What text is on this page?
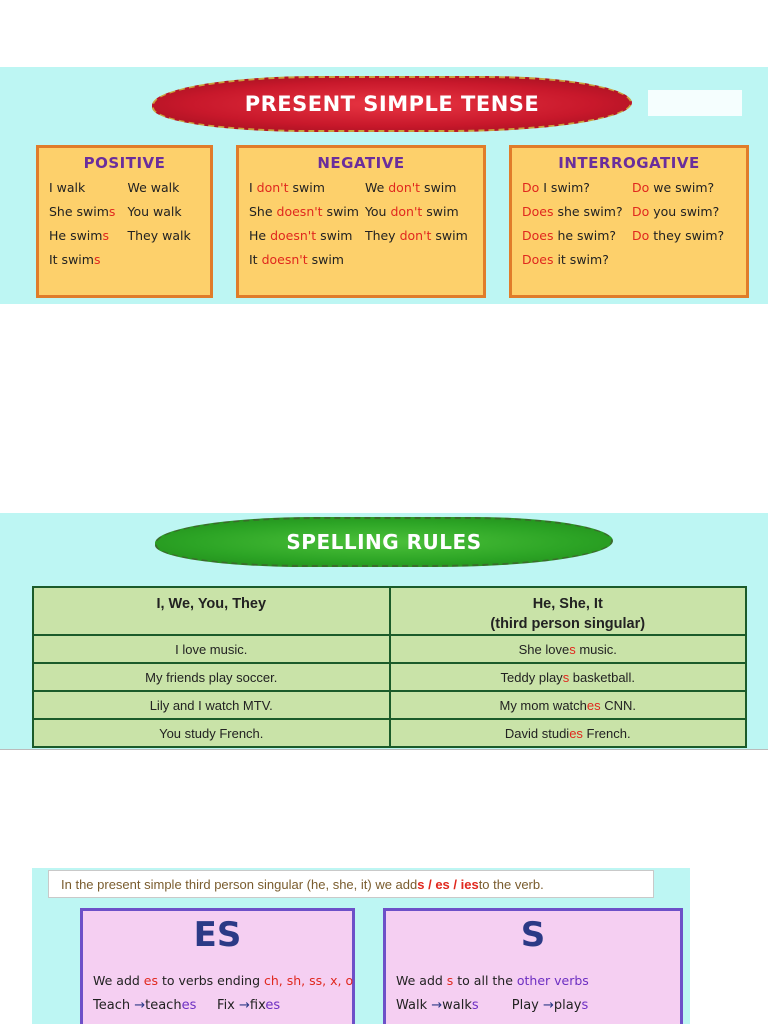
PRESENT SIMPLE TENSE
POSITIVE
I walk	We walk
She swims You walk
He swims	They walk
It swims
NEGATIVE
I don't swim	We don't swim
She doesn't swim You don't swim
He doesn't swim They don't swim
It doesn't swim
INTERROGATIVE
Do I swim?	Do we swim?
Does she swim? Do you swim?
Does he swim?	Do they swim?
Does it swim?
SPELLING RULES
I, We, You, They	He, She, It
(third person singular)
I love music.	She loves music.
My friends play soccer.	Teddy plays basketball.
Lily and I watch MTV.	My mom watches CNN.
You study French.	David studies French.
In the present simple third person singular (he, she, it) we add s / es / ies to the verb.
ES
We add es to verbs ending ch, sh, ss, x, o
Teach →teaches Fix →fixes
S
We add s to all the other verbs
Walk →walks	Play →plays
